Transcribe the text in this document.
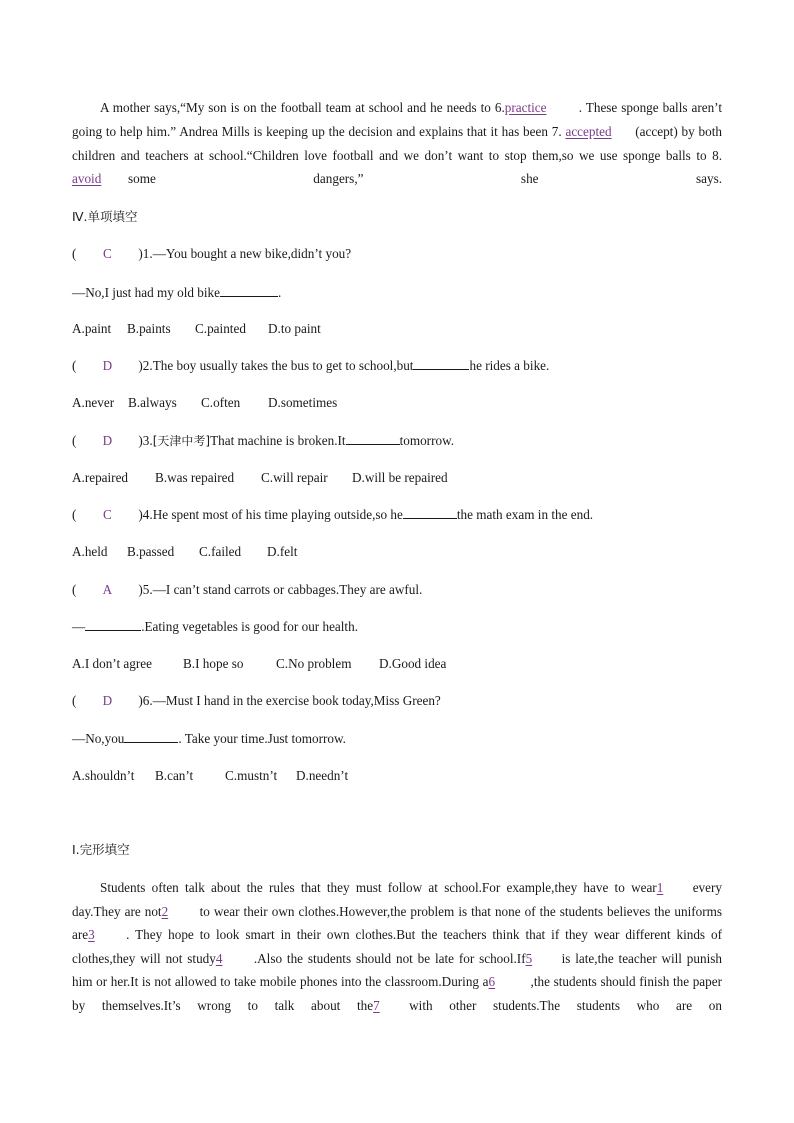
A mother says,“My son is on the football team at school and he needs to 6.practice . These sponge balls aren’t going to help him.” Andrea Mills is keeping up the decision and explains that it has been 7. accepted (accept) by both children and teachers at school.“Children love football and we don’t want to stop them,so we use sponge balls to 8.avoid some dangers,” she says.

Ⅳ.单项填空
( C )1.—You bought a new bike,didn’t you?
—No,I just had my old bike	.
A.paint B.paints C.painted D.to paint
( D )2.The boy usually takes the bus to get to school,but	he rides a bike.
A.never B.always C.often D.sometimes
( D )3.[天津中考]That machine is broken.It	tomorrow.
A.repaired B.was repaired C.will repair D.will be repaired
( C )4.He spent most of his time playing outside,so he	the math exam in the end.
A.held B.passed C.failed D.felt
( A )5.—I can’t stand carrots or cabbages.They are awful.
—	.Eating vegetables is good for our health.
A.I don’t agree B.I hope so C.No problem D.Good idea
( D )6.—Must I hand in the exercise book today,Miss Green?
—No,you	. Take your time.Just tomorrow.
A.shouldn’t B.can’t C.mustn’t D.needn’t
Ⅰ.完形填空

Students often talk about the rules that they must follow at school.For example,they have to wear1 every day.They are not2 to wear their own clothes.However,the problem is that none of the students believes the uniforms are3 . They hope to look smart in their own clothes.But the teachers think that if they wear different kinds of clothes,they will not study4 .Also the students should not be late for school.If5 is late,the teacher will punish him or her.It is not allowed to take mobile phones into the classroom.During a6	,the students should finish the paper by themselves.It’s wrong to talk about the7 with other students.The students who are on
